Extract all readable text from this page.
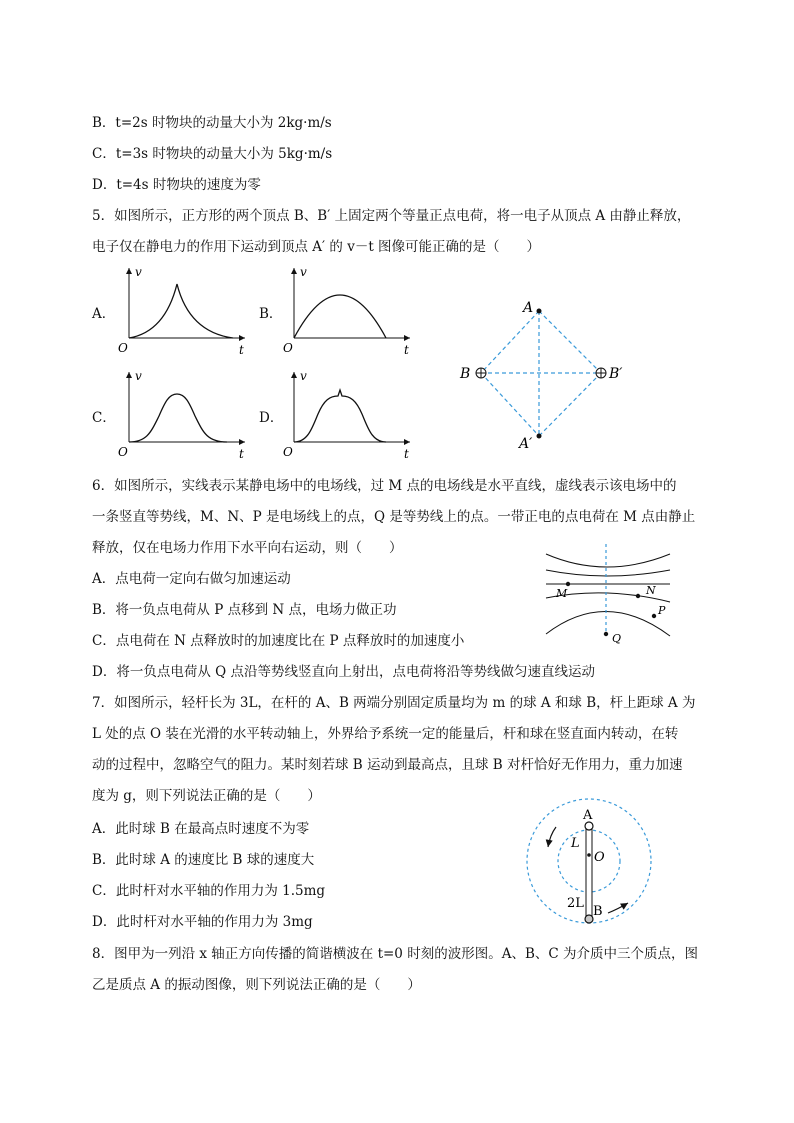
B．t=2s 时物块的动量大小为 2kg·m/s
C．t=3s 时物块的动量大小为 5kg·m/s
D．t=4s 时物块的速度为零
5．如图所示，正方形的两个顶点 B、B′ 上固定两个等量正点电荷，将一电子从顶点 A 由静止释放，
电子仅在静电力的作用下运动到顶点 A′ 的 v－t 图像可能正确的是（　　）
A．	B．
C．	D．
v
t
O
v
t
O
v
t
O
v
t
O
A
B	B′
A′
6．如图所示，实线表示某静电场中的电场线，过 M 点的电场线是水平直线，虚线表示该电场中的
一条竖直等势线，M、N、P 是电场线上的点，Q 是等势线上的点。一带正电的点电荷在 M 点由静止
释放，仅在电场力作用下水平向右运动，则（　　）
A．点电荷一定向右做匀加速运动
B．将一负点电荷从 P 点移到 N 点，电场力做正功
C．点电荷在 N 点释放时的加速度比在 P 点释放时的加速度小
D．将一负点电荷从 Q 点沿等势线竖直向上射出，点电荷将沿等势线做匀速直线运动
M	N
P
Q
7．如图所示，轻杆长为 3L，在杆的 A、B 两端分别固定质量均为 m 的球 A 和球 B，杆上距球 A 为
L 处的点 O 装在光滑的水平转动轴上，外界给予系统一定的能量后，杆和球在竖直面内转动，在转
动的过程中，忽略空气的阻力。某时刻若球 B 运动到最高点，且球 B 对杆恰好无作用力，重力加速
度为 g，则下列说法正确的是（　　）
A．此时球 B 在最高点时速度不为零
B．此时球 A 的速度比 B 球的速度大
C．此时杆对水平轴的作用力为 1.5mg
D．此时杆对水平轴的作用力为 3mg
A
L
O
2L
B
8．图甲为一列沿 x 轴正方向传播的简谐横波在 t=0 时刻的波形图。A、B、C 为介质中三个质点，图
乙是质点 A 的振动图像，则下列说法正确的是（　　）
